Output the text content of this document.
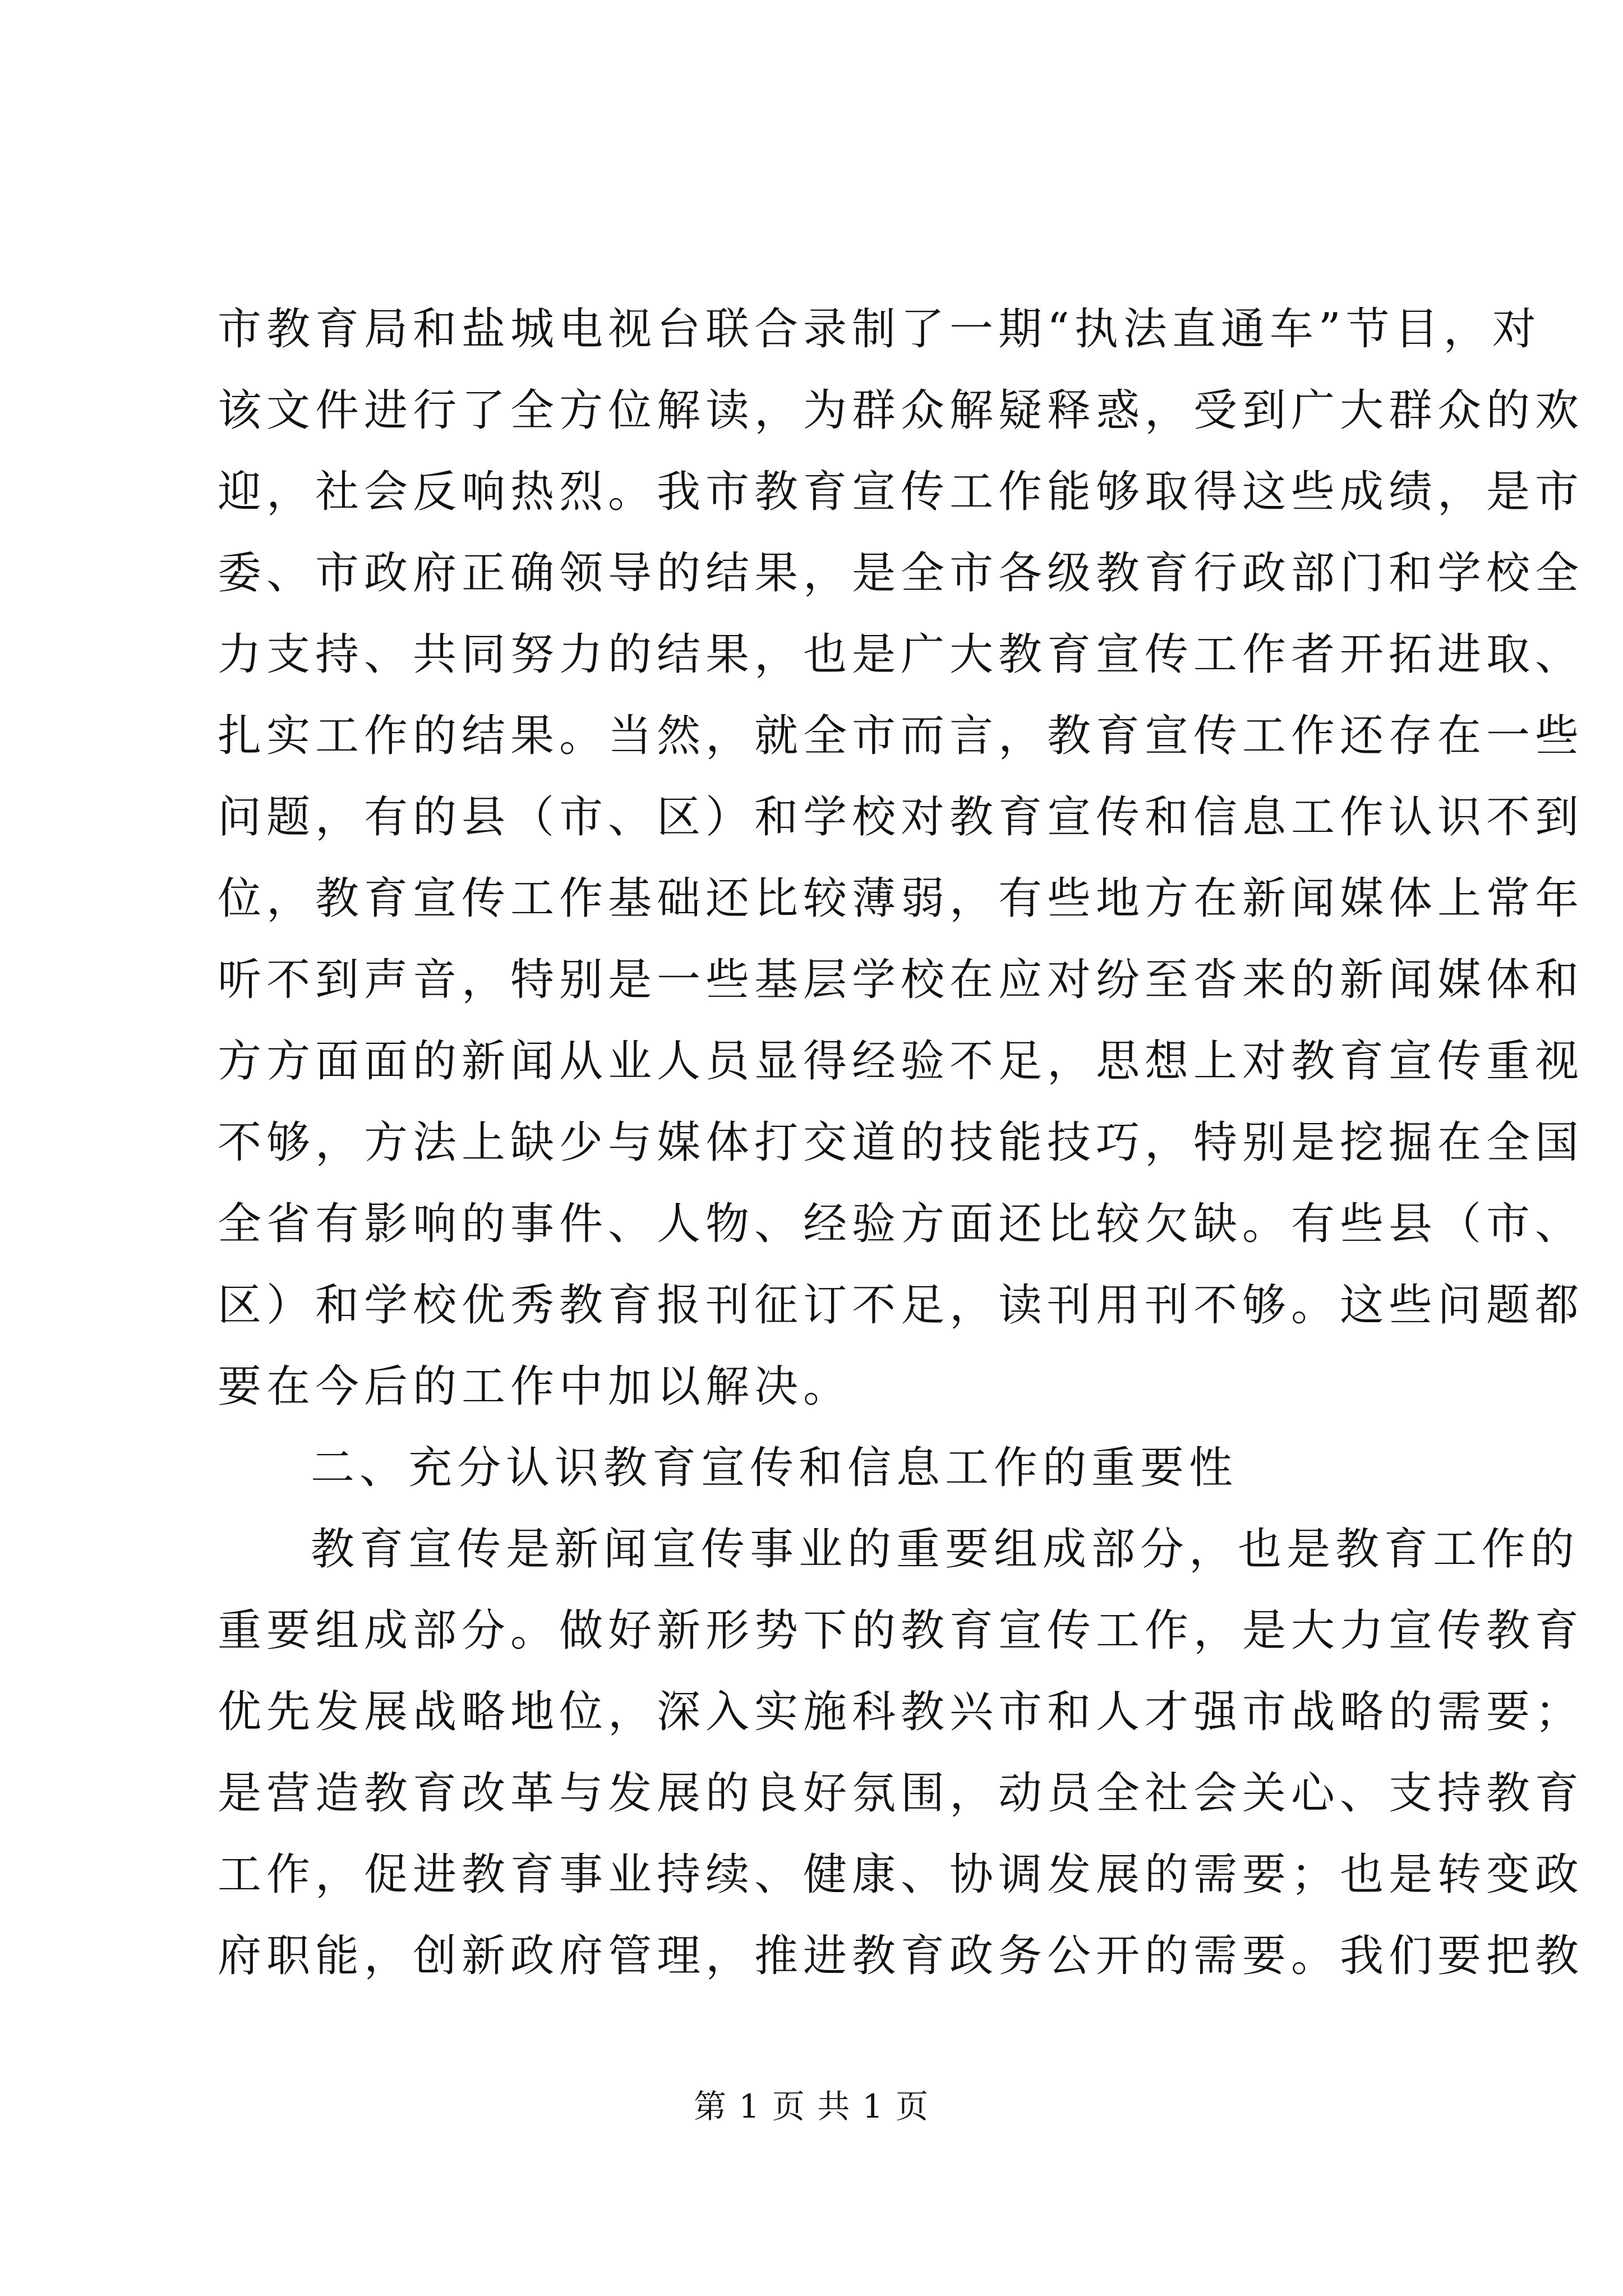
市教育局和盐城电视台联合录制了一期“执法直通车”节目，对
该文件进行了全方位解读，为群众解疑释惑，受到广大群众的欢
迎，社会反响热烈。我市教育宣传工作能够取得这些成绩，是市
委、市政府正确领导的结果，是全市各级教育行政部门和学校全
力支持、共同努力的结果，也是广大教育宣传工作者开拓进取、
扎实工作的结果。当然，就全市而言，教育宣传工作还存在一些
问题，有的县（市、区）和学校对教育宣传和信息工作认识不到
位，教育宣传工作基础还比较薄弱，有些地方在新闻媒体上常年
听不到声音，特别是一些基层学校在应对纷至沓来的新闻媒体和
方方面面的新闻从业人员显得经验不足，思想上对教育宣传重视
不够，方法上缺少与媒体打交道的技能技巧，特别是挖掘在全国
全省有影响的事件、人物、经验方面还比较欠缺。有些县（市、
区）和学校优秀教育报刊征订不足，读刊用刊不够。这些问题都
要在今后的工作中加以解决。
二、充分认识教育宣传和信息工作的重要性
教育宣传是新闻宣传事业的重要组成部分，也是教育工作的
重要组成部分。做好新形势下的教育宣传工作，是大力宣传教育
优先发展战略地位，深入实施科教兴市和人才强市战略的需要；
是营造教育改革与发展的良好氛围，动员全社会关心、支持教育
工作，促进教育事业持续、健康、协调发展的需要；也是转变政
府职能，创新政府管理，推进教育政务公开的需要。我们要把教
第 1 页 共 1 页
